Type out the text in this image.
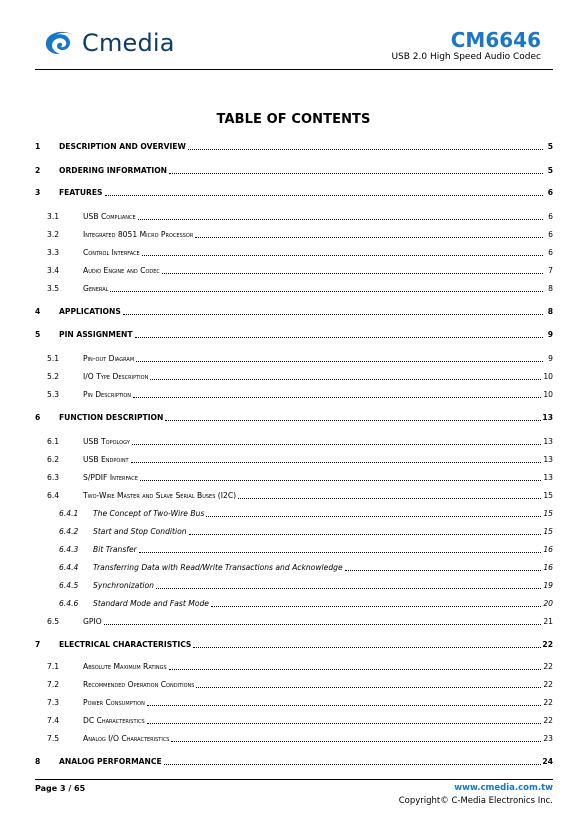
Cmedia	CM6646
USB 2.0 High Speed Audio Codec
TABLE OF CONTENTS
1 DESCRIPTION AND OVERVIEW	5
2 ORDERING INFORMATION	5
3 FEATURES	6
3.1	USB Compliance	6
3.2	Integrated 8051 Micro Processor	6
3.3	Control Interface	6
3.4	Audio Engine and Codec	7
3.5	General	8
4 APPLICATIONS	8
5 PIN ASSIGNMENT	9
5.1	Pin-out Diagram	9
5.2	I/O Type Description	10
5.3	Pin Description	10
6 FUNCTION DESCRIPTION	13
6.1	USB Topology	13
6.2	USB Endpoint	13
6.3	S/PDIF Interface	13
6.4	Two-Wire Master and Slave Serial Buses (I2C)	15
6.4.1 The Concept of Two-Wire Bus	15
6.4.2 Start and Stop Condition	15
6.4.3 Bit Transfer	16
6.4.4 Transferring Data with Read/Write Transactions and Acknowledge	16
6.4.5 Synchronization	19
6.4.6 Standard Mode and Fast Mode	20
6.5	GPIO	21
7 ELECTRICAL CHARACTERISTICS	22
7.1	Absolute Maximum Ratings	22
7.2	Recommended Operation Conditions	22
7.3	Power Consumption	22
7.4	DC Characteristics	22
7.5	Analog I/O Characteristics	23
8 ANALOG PERFORMANCE	24
Page 3 / 65	www.cmedia.com.tw
Copyright© C-Media Electronics Inc.
